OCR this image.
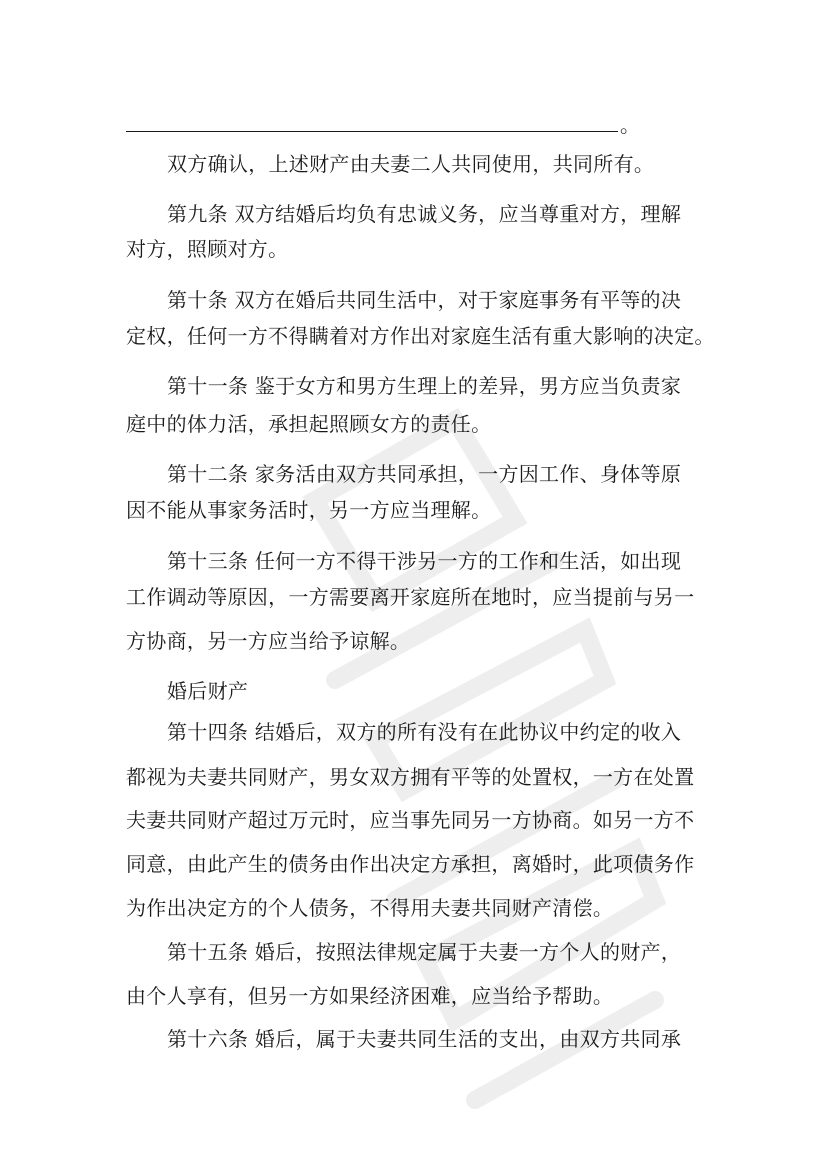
。
双方确认，上述财产由夫妻二人共同使用，共同所有。
第九条 双方结婚后均负有忠诚义务，应当尊重对方，理解
对方，照顾对方。
第十条 双方在婚后共同生活中，对于家庭事务有平等的决
定权，任何一方不得瞒着对方作出对家庭生活有重大影响的决定。
第十一条 鉴于女方和男方生理上的差异，男方应当负责家
庭中的体力活，承担起照顾女方的责任。
第十二条 家务活由双方共同承担，一方因工作、身体等原
因不能从事家务活时，另一方应当理解。
第十三条 任何一方不得干涉另一方的工作和生活，如出现
工作调动等原因，一方需要离开家庭所在地时，应当提前与另一
方协商，另一方应当给予谅解。
婚后财产
第十四条 结婚后，双方的所有没有在此协议中约定的收入
都视为夫妻共同财产，男女双方拥有平等的处置权，一方在处置
夫妻共同财产超过万元时，应当事先同另一方协商。如另一方不
同意，由此产生的债务由作出决定方承担，离婚时，此项债务作
为作出决定方的个人债务，不得用夫妻共同财产清偿。
第十五条 婚后，按照法律规定属于夫妻一方个人的财产，
由个人享有，但另一方如果经济困难，应当给予帮助。
第十六条 婚后，属于夫妻共同生活的支出，由双方共同承
